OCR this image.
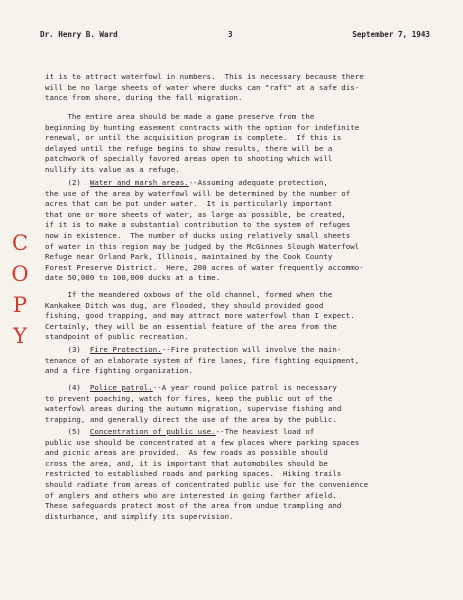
Dr. Henry B. Ward	3	September 7, 1943
C
O
P
Y
it is to attract waterfowl in numbers.  This is necessary because there
will be no large sheets of water where ducks can "raft" at a safe dis-
tance from shore, during the fall migration.
The entire area should be made a game preserve from the
beginning by hunting easement contracts with the option for indefinite
renewal, or until the acquisition program is complete.  If this is
delayed until the refuge begins to show results, there will be a
patchwork of specially favored areas open to shooting which will
nullify its value as a refuge.
(2) Water and marsh areas.--Assuming adequate protection,
the use of the area by waterfowl will be determined by the number of
acres that can be put under water.  It is particularly important
that one or more sheets of water, as large as possible, be created,
if it is to make a substantial contribution to the system of refuges
now in existence.  The number of ducks using relatively small sheets
of water in this region may be judged by the McGinnes Slough Waterfowl
Refuge near Orland Park, Illinois, maintained by the Cook County
Forest Preserve District.  Here, 200 acres of water frequently accommo-
date 50,000 to 100,000 ducks at a time.
If the meandered oxbows of the old channel, formed when the
Kankakee Ditch was dug, are flooded, they should provided good
fishing, good trapping, and may attract more waterfowl than I expect.
Certainly, they will be an essential feature of the area from the
standpoint of public recreation.
(3) Fire Protection.--Fire protection will involve the main-
tenance of an elaborate system of fire lanes, fire fighting equipment,
and a fire fighting organization.
(4) Police patrol.--A year round police patrol is necessary
to prevent poaching, watch for fires, keep the public out of the
waterfowl areas during the autumn migration, supervise fishing and
trapping, and generally direct the use of the area by the public.
(5) Concentration of public use.--The heaviest load of
public use should be concentrated at a few places where parking spaces
and picnic areas are provided.  As few roads as possible should
cross the area, and, it is important that automobiles should be
restricted to established roads and parking spaces.  Hiking trails
should radiate from areas of concentrated public use for the convenience
of anglers and others who are interested in going farther afield.
These safeguards protect most of the area from undue trampling and
disturbance, and simplify its supervision.
